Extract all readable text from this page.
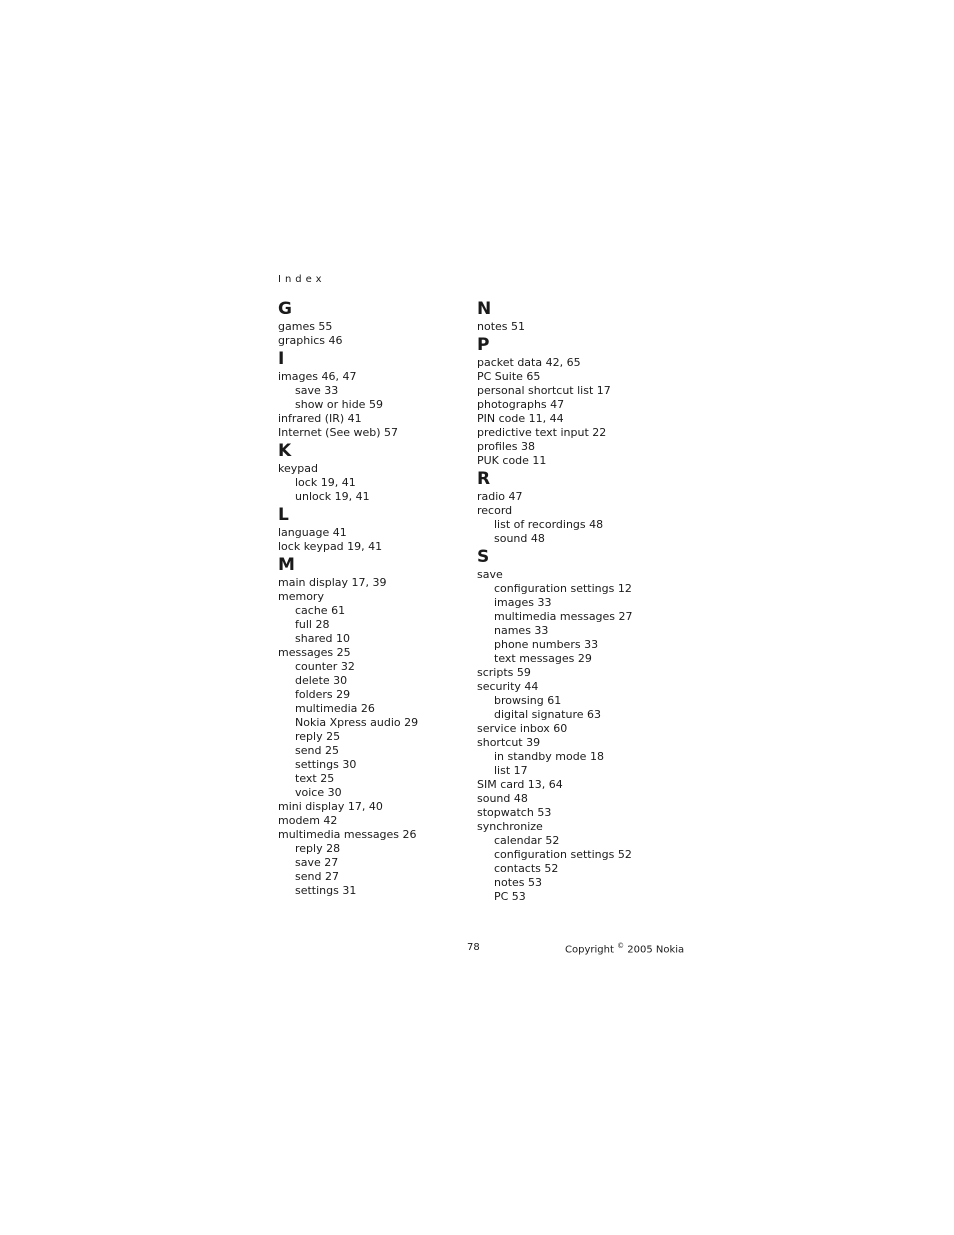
Index
G
games 55
graphics 46
I
images 46, 47
save 33
show or hide 59
infrared (IR) 41
Internet (See web) 57
K
keypad
lock 19, 41
unlock 19, 41
L
language 41
lock keypad 19, 41
M
main display 17, 39
memory
cache 61
full 28
shared 10
messages 25
counter 32
delete 30
folders 29
multimedia 26
Nokia Xpress audio 29
reply 25
send 25
settings 30
text 25
voice 30
mini display 17, 40
modem 42
multimedia messages 26
reply 28
save 27
send 27
settings 31
N
notes 51
P
packet data 42, 65
PC Suite 65
personal shortcut list 17
photographs 47
PIN code 11, 44
predictive text input 22
profiles 38
PUK code 11
R
radio 47
record
list of recordings 48
sound 48
S
save
configuration settings 12
images 33
multimedia messages 27
names 33
phone numbers 33
text messages 29
scripts 59
security 44
browsing 61
digital signature 63
service inbox 60
shortcut 39
in standby mode 18
list 17
SIM card 13, 64
sound 48
stopwatch 53
synchronize
calendar 52
configuration settings 52
contacts 52
notes 53
PC 53
78	Copyright © 2005 Nokia
